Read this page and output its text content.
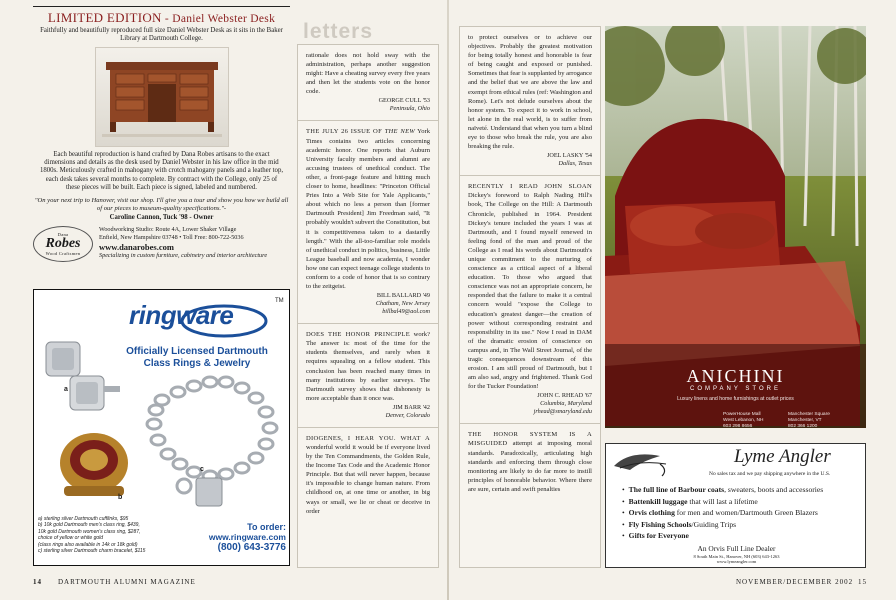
LIMITED EDITION - Daniel Webster Desk
Faithfully and beautifully reproduced full size Daniel Webster Desk as it sits in the Baker Library at Dartmouth College.
Each beautiful reproduction is hand crafted by Dana Robes artisans to the exact dimensions and details as the desk used by Daniel Webster in his law office in the mid 1800s. Meticulously crafted in mahogany with crotch mahogany panels and a leather top, each desk takes several months to complete. By contract with the College, only 25 of these pieces will be built. Each piece is signed, labeled and numbered.
"On your next trip to Hanover, visit our shop. I'll give you a tour and show you how we build all of our pieces to museum-quality specifications."-
Caroline Cannon, Tuck '98 - Owner
Dana
Robes
Wood Craftsmen
Woodworking Studio: Route 4A, Lower Shaker Village
Enfield, New Hampshire 03748 • Toll Free: 800-722-5036
www.danarobes.com
Specializing in custom furniture, cabinetry and interior architecture
ringware	TM
Officially Licensed Dartmouth Class Rings & Jewelry
a
b
c
a) sterling silver Dartmouth cufflinks, $95
b) 10k gold Dartmouth men's class ring, $439,
10k gold Dartmouth women's class ring, $287,
choice of yellow or white gold
(class rings also available in 14k or 18k gold)
c) sterling silver Dartmouth charm bracelet, $115
To order:
www.ringware.com
(800) 643-3776
14 DARTMOUTH ALUMNI MAGAZINE
letters

rationale does not hold sway with the administration, perhaps another suggestion might: Have a cheating survey every five years and then let the students vote on the honor code.

GEORGE CULL '53
Peninsula, Ohio

THE JULY 26 ISSUE OF THE NEW York Times contains two articles concerning academic honor. One reports that Auburn University faculty members and alumni are accusing trustees of unethical conduct. The other, a front-page feature and hitting much closer to home, headlines: "Princeton Official Pries Into a Web Site for Yale Applicants," about which no less a person than [former Dartmouth President] Jim Freedman said, "It probably wouldn't subvert the Constitution, but it is competitiveness taken to a dastardly length." With the all-too-familiar role models of unethical conduct in politics, business, Little League baseball and now academia, I wonder how one can expect teenage college students to conform to a code of honor that is so contrary to the zeitgeist.

BILL BALLARD '49
Chatham, New Jersey
billbal49@aol.com

DOES THE HONOR PRINCIPLE work? The answer is: most of the time for the students themselves, and rarely when it requires squealing on a fellow student. This conclusion has been reached many times in many institutions by earlier surveys. The Dartmouth survey shows that dishonesty is more acceptable than it once was.

JIM BARR '42
Denver, Colorado

DIOGENES, I HEAR YOU. WHAT A wonderful world it would be if everyone lived by the Ten Commandments, the Golden Rule, the Income Tax Code and the Academic Honor Principle. But that will never happen, because it's impossible to change human nature. From childhood on, at one time or another, in big ways or small, we lie or cheat or deceive in order

to protect ourselves or to achieve our objectives. Probably the greatest motivation for being totally honest and honorable is fear of being caught and exposed or punished. Sometimes that fear is supplanted by arrogance and the belief that we are above the law and exempt from ethical rules (ref: Washington and Rome). Let's not delude ourselves about the honor system. To expect it to work in school, let alone in the real world, is to suffer from naïveté. Understand that when you turn a blind eye to those who break the rule, you are also breaking the rule.

JOEL LASKY '54
Dallas, Texas

RECENTLY I READ JOHN SLOAN Dickey's foreword to Ralph Nading Hill's book, The College on the Hill: A Dartmouth Chronicle, published in 1964. President Dickey's tenure included the years I was at Dartmouth, and I found myself renewed in feeling fond of the man and proud of the College as I read his words about Dartmouth's unique commitment to the nurturing of conscience as a critical aspect of a liberal education. To those who argued that conscience was not an appropriate concern, he responded that the failure to make it a central concern would "expose the College to education's greatest danger—the creation of power without corresponding restraint and responsibility in its use." Now I read in DAM of the dramatic erosion of conscience on campus and, in The Wall Street Journal, of the tragic consequences downstream of this erosion. I am still proud of Dartmouth, but I am also sad, angry and frightened. Thank God for the Tucker Foundation!

JOHN C. RHEAD '67
Columbia, Maryland
jrhead@smaryland.edu

THE HONOR SYSTEM IS A MISGUIDED attempt at imposing moral standards. Paradoxically, articulating high standards and enforcing them through close monitoring are likely to do far more to instill principles of honorable behavior. Where there are sure, certain and swift penalties

ANICHINI
COMPANY STORE
Luxury linens and home furnishings at outlet prices
PowerHouse Mall
West Lebanon, NH
603 298 8656
Manchester Square
Manchester, VT
802 366 1200
Lyme Angler
No sales tax and we pay shipping anywhere in the U.S.
• The full line of Barbour coats, sweaters, boots and accessories
• Battenkill luggage that will last a lifetime
• Orvis clothing for men and women/Dartmouth Green Blazers
• Fly Fishing Schools/Guiding Trips
• Gifts for Everyone
An Orvis Full Line Dealer
8 South Main St., Hanover, NH (603) 643-1263
www.lymeangler.com
NOVEMBER/DECEMBER 2002 15
